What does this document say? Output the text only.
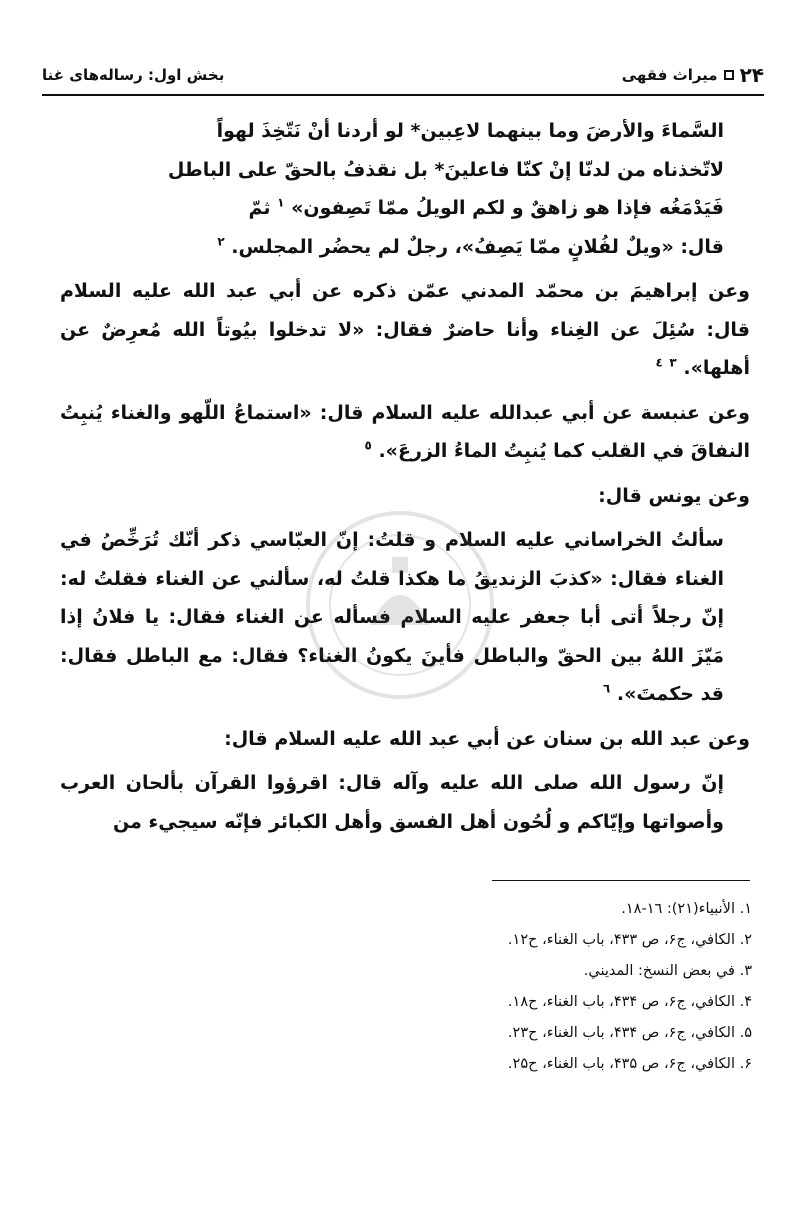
۲۴
میراث فقهی
بخش اول: رساله‌های غنا
السَّماءَ والأرضَ وما بينهما لاعِبين* لو أردنا أنْ نَتّخِذَ لهواً
لاتّخذناه من لدنّا إنْ كنّا فاعلينَ* بل نقذفُ بالحقّ على الباطل
فَيَدْمَغُه فإذا هو زاهقٌ و لكم الويلُ ممّا تَصِفون» $^١$ ثمّ
قال: «ويلٌ لفُلانٍ ممّا يَصِفُ»، رجلٌ لم يحضُر المجلس. $^٢$

وعن إبراهيمَ بن محمّد المدني عمّن ذكره عن أبي عبد الله عليه السلام قال: سُئِلَ عن الغِناء وأنا حاضرٌ فقال: «لا تدخلوا بيُوتاً الله مُعرِضٌ عن أهلها». $^٣$ $^٤$

وعن عنبسة عن أبي عبدالله عليه السلام قال: «استماعُ اللّهو والغناء يُنبِتُ النفاقَ في القلب كما يُنبِتُ الماءُ الزرعَ». $^٥$

وعن يونس قال:

سألتُ الخراساني عليه السلام و قلتُ: إنّ العبّاسي ذكر أنّك تُرَخِّصُ في الغناء فقال: «كذبَ الزنديقُ ما هكذا قلتُ له، سألني عن الغناء فقلتُ له: إنّ رجلاً أتى أبا جعفر عليه السلام فسأله عن الغناء فقال: يا فلانُ إذا مَيّزَ اللهُ بين الحقّ والباطل فأينَ يكونُ الغناء؟ فقال: مع الباطل فقال: قد حكمتَ». $^٦$

وعن عبد الله بن سنان عن أبي عبد الله عليه السلام قال:

إنّ رسول الله صلى الله عليه وآله قال: اقرؤوا القرآن بألحان العرب وأصواتها وإيّاكم و لُحُون أهل الفسق وأهل الكبائر فإنّه سيجيء من

١. الأنبياء(٢١): ١٦-١٨.
٢. الكافي، ج۶، ص ۴۳۳، باب الغناء، ح١٢.
٣. في بعض النسخ: المديني.
۴. الكافي، ج۶، ص ۴۳۴، باب الغناء، ح١٨.
۵. الكافي، ج۶، ص ۴۳۴، باب الغناء، ح٢٣.
۶. الكافي، ج۶، ص ۴۳۵، باب الغناء، ح٢۵.
